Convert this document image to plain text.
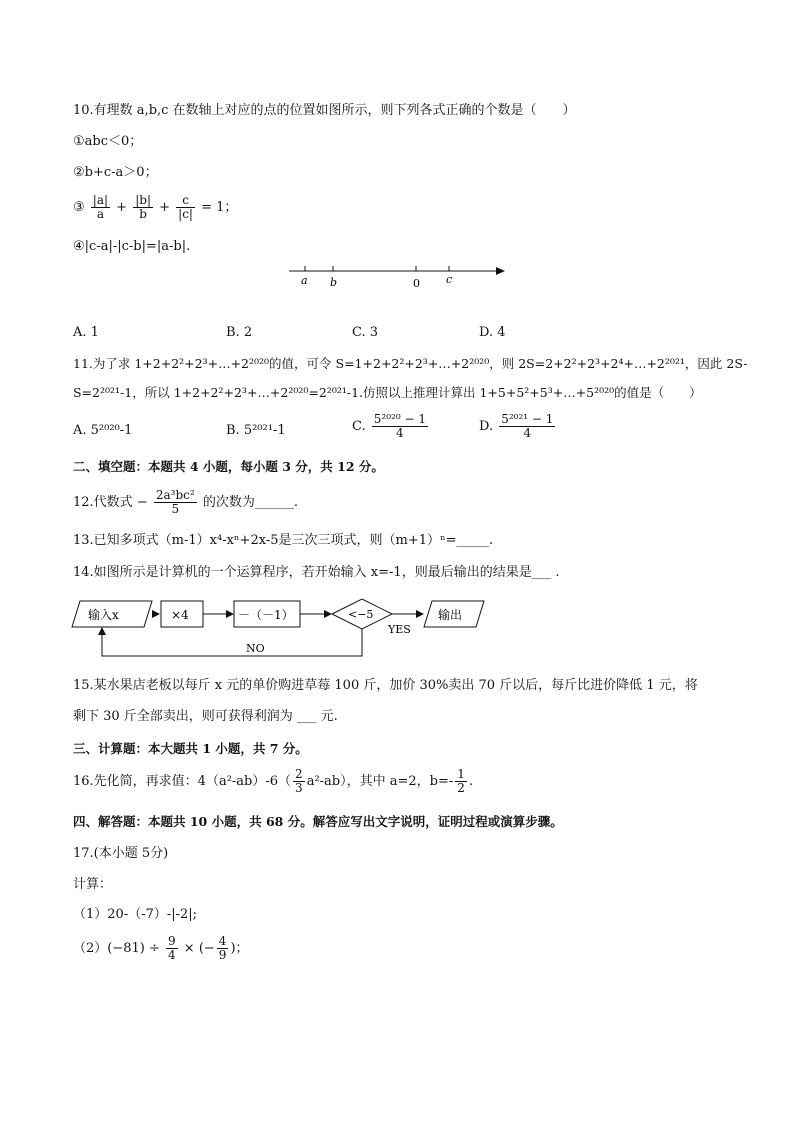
10.有理数 a,b,c 在数轴上对应的点的位置如图所示，则下列各式正确的个数是（　　）
①abc＜0；
②b+c-a＞0；
③ $\frac{|a|}{a} + \frac{|b|}{b} + \frac{c}{|c|} = 1$；
④|c-a|-|c-b|=|a-b|.
a b	0 c
A. 1	B. 2	C. 3	D. 4
11.为了求 1+2+2²+2³+…+2²⁰²⁰的值，可令 S=1+2+2²+2³+…+2²⁰²⁰，则 2S=2+2²+2³+2⁴+…+2²⁰²¹，因此 2S-
S=2²⁰²¹-1，所以 1+2+2²+2³+…+2²⁰²⁰=2²⁰²¹-1.仿照以上推理计算出 1+5+5²+5³+…+5²⁰²⁰的值是（　　）
A. 5²⁰²⁰-1	B. 5²⁰²¹-1	C. $\frac{\text{5²⁰²⁰ − 1}}{4}$	D. $\frac{\text{5²⁰²¹ − 1}}{4}$
二、填空题：本题共 4 小题，每小题 3 分，共 12 分。
12.代数式 − $\frac{\text{2a³bc²}}{5}$ 的次数为______.
13.已知多项式（m-1）x⁴-xⁿ+2x-5是三次三项式，则（m+1）ⁿ=_____.
14.如图所示是计算机的一个运算程序，若开始输入 x=-1，则最后输出的结果是___ .
输入x	×4	－（－1）	<−5
YES
输出
NO
15.某水果店老板以每斤 x 元的单价购进草莓 100 斤，加价 30%卖出 70 斤以后，每斤比进价降低 1 元，将
剩下 30 斤全部卖出，则可获得利润为 ___ 元.
三、计算题：本大题共 1 小题，共 7 分。
16.先化简，再求值：$4(a^2-ab)-6( \frac{2}{3} a^2-ab)$，其中 a=2，$b=- \frac{1}{2}$ .
四、解答题：本题共 10 小题，共 68 分。解答应写出文字说明，证明过程或演算步骤。
17.(本小题 5分)
计算：
（1）20-（-7）-|-2|;
$(2)(-81) \div \frac{9}{4}$ × (− $\frac{4}{9}$ )；
